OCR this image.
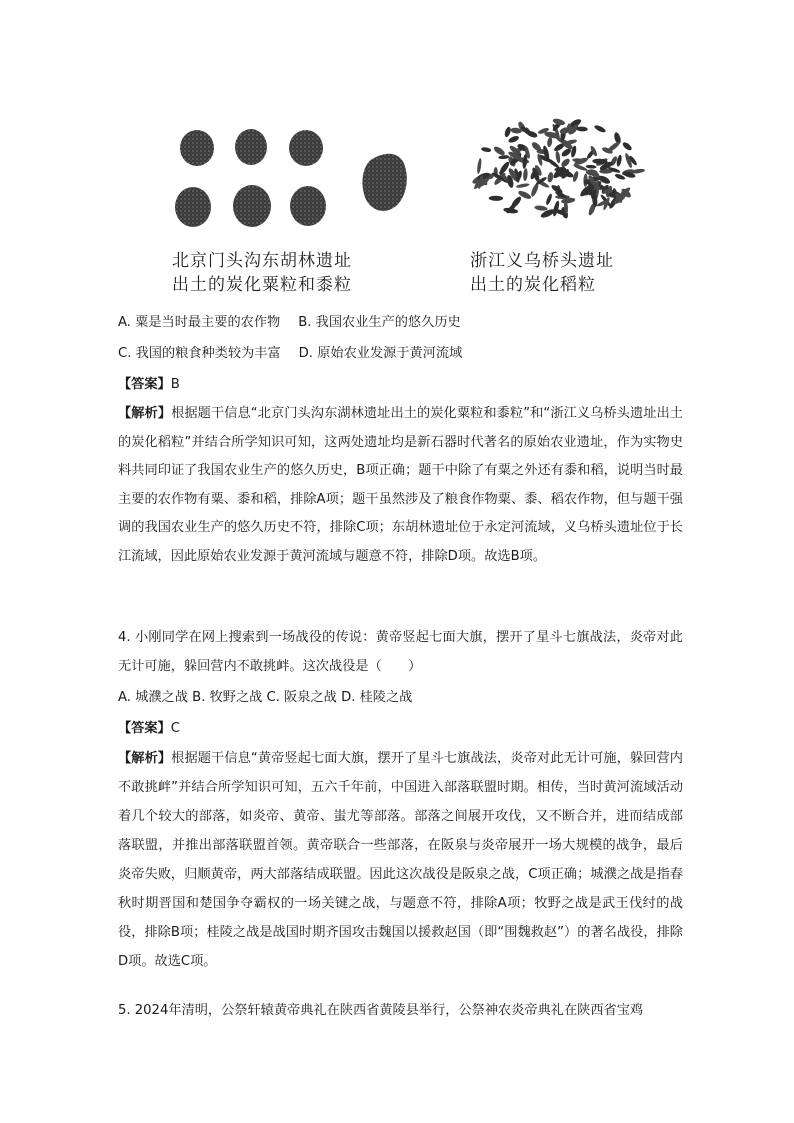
北京门头沟东胡林遗址
出土的炭化粟粒和黍粒
浙江义乌桥头遗址
出土的炭化稻粒
A. 粟是当时最主要的农作物 B. 我国农业生产的悠久历史
C. 我国的粮食种类较为丰富 D. 原始农业发源于黄河流域
【答案】B

【解析】根据题干信息“北京门头沟东湖林遗址出土的炭化粟粒和黍粒”和“浙江义乌桥头遗址出土的炭化稻粒”并结合所学知识可知，这两处遗址均是新石器时代著名的原始农业遗址，作为实物史料共同印证了我国农业生产的悠久历史，B项正确；题干中除了有粟之外还有黍和稻，说明当时最主要的农作物有粟、黍和稻，排除A项；题干虽然涉及了粮食作物粟、黍、稻农作物，但与题干强调的我国农业生产的悠久历史不符，排除C项；东胡林遗址位于永定河流域，义乌桥头遗址位于长江流域，因此原始农业发源于黄河流域与题意不符，排除D项。故选B项。

4. 小刚同学在网上搜索到一场战役的传说：黄帝竖起七面大旗，摆开了星斗七旗战法，炎帝对此无计可施，躲回营内不敢挑衅。这次战役是（　　）

A. 城濮之战 B. 牧野之战 C. 阪泉之战 D. 桂陵之战
【答案】C

【解析】根据题干信息“黄帝竖起七面大旗，摆开了星斗七旗战法，炎帝对此无计可施，躲回营内不敢挑衅”并结合所学知识可知，五六千年前，中国进入部落联盟时期。相传，当时黄河流域活动着几个较大的部落，如炎帝、黄帝、蚩尤等部落。部落之间展开攻伐，又不断合并，进而结成部落联盟，并推出部落联盟首领。黄帝联合一些部落，在阪泉与炎帝展开一场大规模的战争，最后炎帝失败，归顺黄帝，两大部落结成联盟。因此这次战役是阪泉之战，C项正确；城濮之战是指春秋时期晋国和楚国争夺霸权的一场关键之战，与题意不符，排除A项；牧野之战是武王伐纣的战役，排除B项；桂陵之战是战国时期齐国攻击魏国以援救赵国（即“围魏救赵”）的著名战役，排除D项。故选C项。

5. 2024年清明，公祭轩辕黄帝典礼在陕西省黄陵县举行，公祭神农炎帝典礼在陕西省宝鸡
